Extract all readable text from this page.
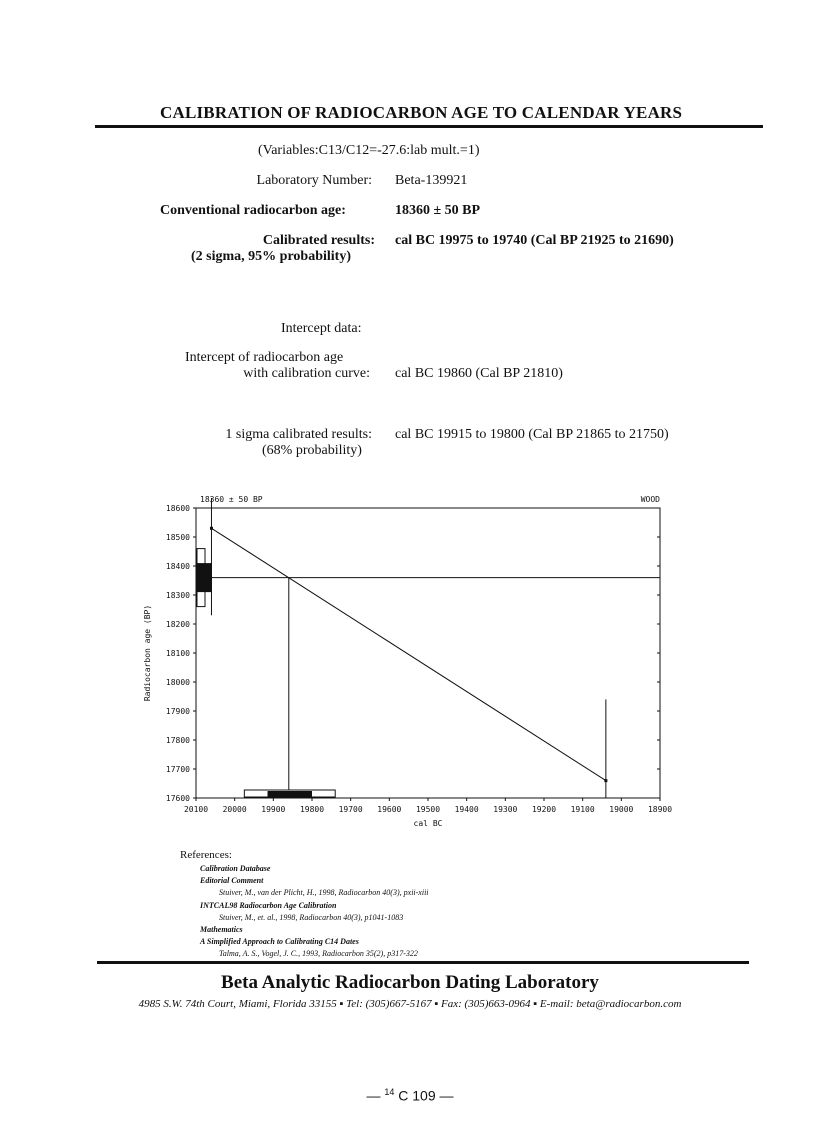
CALIBRATION OF RADIOCARBON AGE TO CALENDAR YEARS
(Variables:C13/C12=-27.6:lab mult.=1)
Laboratory Number: Beta-139921
Conventional radiocarbon age:	18360 ± 50 BP
Calibrated results:
(2 sigma, 95% probability)
cal BC 19975 to 19740 (Cal BP 21925 to 21690)
Intercept data:
Intercept of radiocarbon age
with calibration curve: cal BC 19860 (Cal BP 21810)
1 sigma calibrated results:
(68% probability)
cal BC 19915 to 19800 (Cal BP 21865 to 21750)
18600
18500
18400
18300
18200
18100
18000
17900
17800
17700
17600
20100 20000 19900 19800 19700 19600 19500 19400 19300 19200 19100 19000 18900
cal BC
Radiocarbon age (BP)
18360 ± 50 BP	WOOD
References:
Calibration Database
Editorial Comment
Stuiver, M., van der Plicht, H., 1998, Radiocarbon 40(3), pxii-xiii
INTCAL98 Radiocarbon Age Calibration
Stuiver, M., et. al., 1998, Radiocarbon 40(3), p1041-1083
Mathematics
A Simplified Approach to Calibrating C14 Dates
Talma, A. S., Vogel, J. C., 1993, Radiocarbon 35(2), p317-322
Beta Analytic Radiocarbon Dating Laboratory
4985 S.W. 74th Court, Miami, Florida 33155 ▪ Tel: (305)667-5167 ▪ Fax: (305)663-0964 ▪ E-mail: beta@radiocarbon.com
— $^{14}$ C 109 —
